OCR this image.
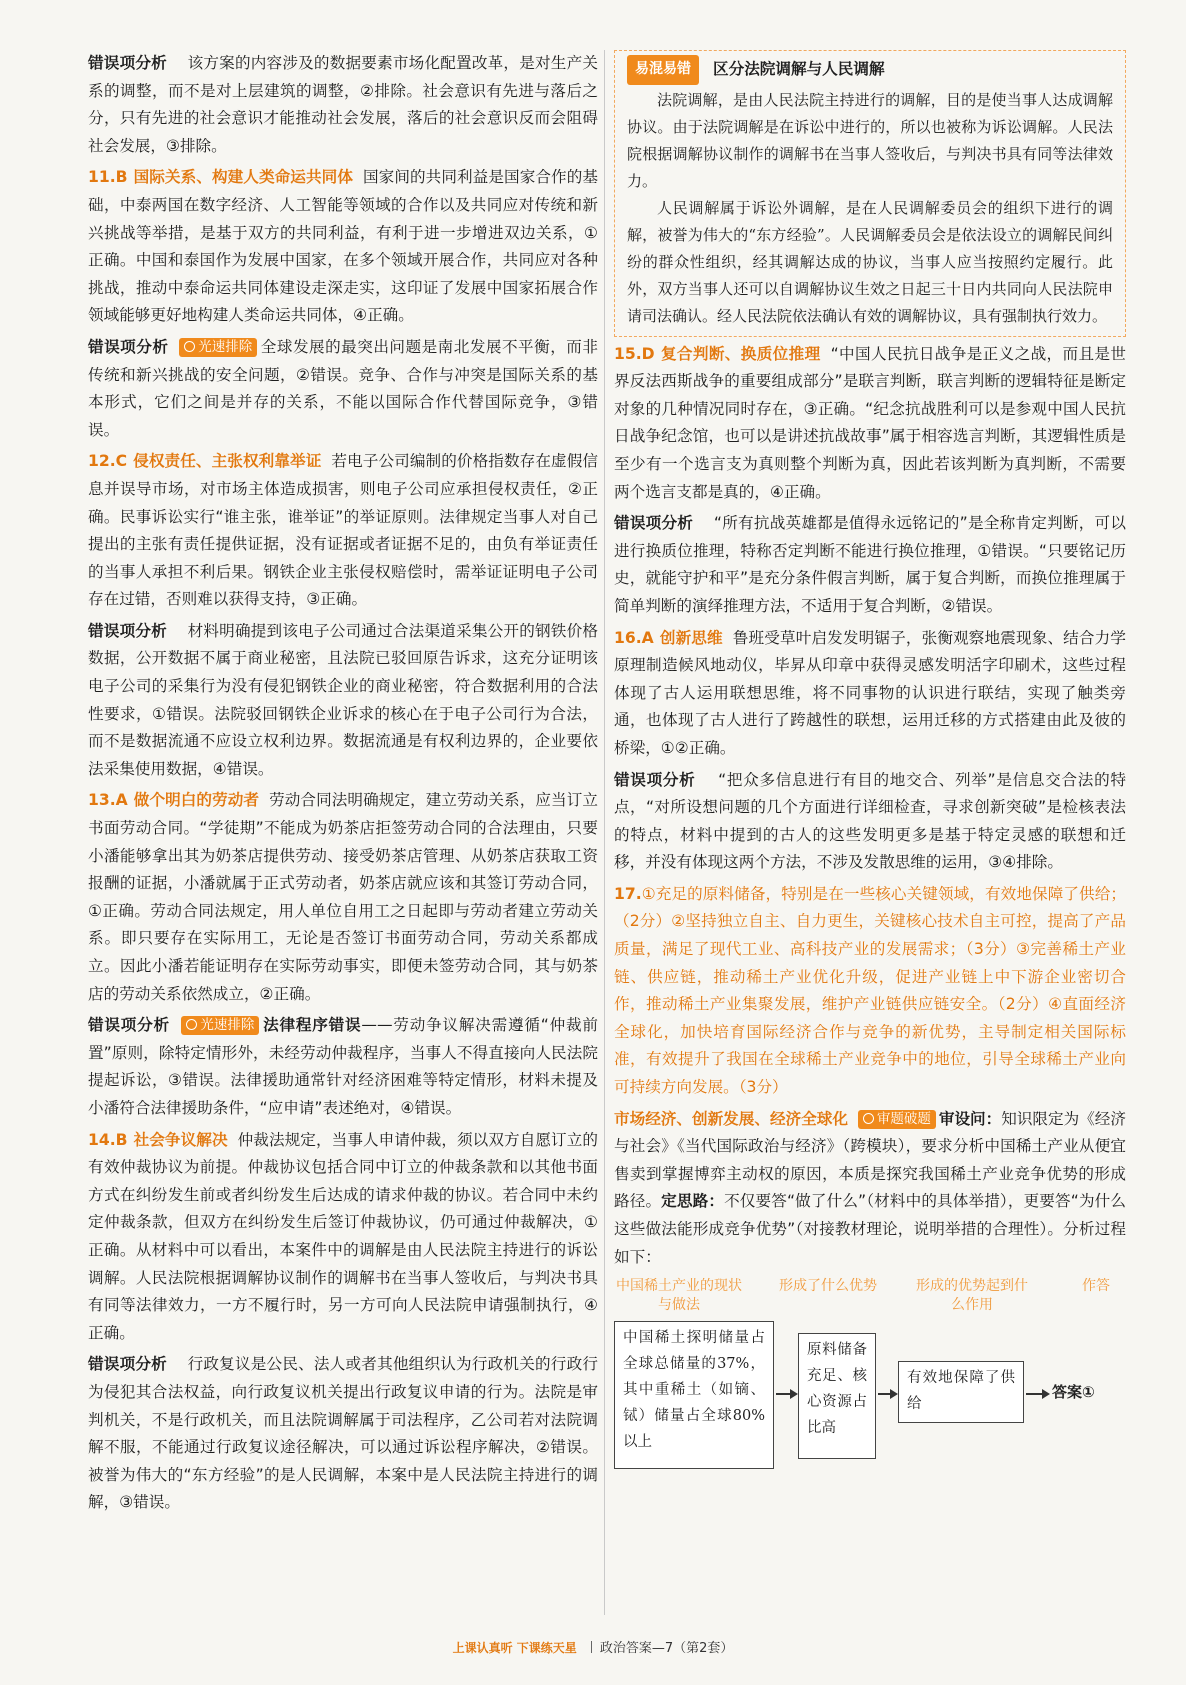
错误项分析 该方案的内容涉及的数据要素市场化配置改革，是对生产关系的调整，而不是对上层建筑的调整，②排除。社会意识有先进与落后之分，只有先进的社会意识才能推动社会发展，落后的社会意识反而会阻碍社会发展，③排除。

11.B 国际关系、构建人类命运共同体 国家间的共同利益是国家合作的基础，中泰两国在数字经济、人工智能等领域的合作以及共同应对传统和新兴挑战等举措，是基于双方的共同利益，有利于进一步增进双边关系，①正确。中国和泰国作为发展中国家，在多个领域开展合作，共同应对各种挑战，推动中泰命运共同体建设走深走实，这印证了发展中国家拓展合作领域能够更好地构建人类命运共同体，④正确。

错误项分析 光速排除 全球发展的最突出问题是南北发展不平衡，而非传统和新兴挑战的安全问题，②错误。竞争、合作与冲突是国际关系的基本形式，它们之间是并存的关系，不能以国际合作代替国际竞争，③错误。

12.C 侵权责任、主张权利靠举证 若电子公司编制的价格指数存在虚假信息并误导市场，对市场主体造成损害，则电子公司应承担侵权责任，②正确。民事诉讼实行“谁主张，谁举证”的举证原则。法律规定当事人对自己提出的主张有责任提供证据，没有证据或者证据不足的，由负有举证责任的当事人承担不利后果。钢铁企业主张侵权赔偿时，需举证证明电子公司存在过错，否则难以获得支持，③正确。

错误项分析 材料明确提到该电子公司通过合法渠道采集公开的钢铁价格数据，公开数据不属于商业秘密，且法院已驳回原告诉求，这充分证明该电子公司的采集行为没有侵犯钢铁企业的商业秘密，符合数据利用的合法性要求，①错误。法院驳回钢铁企业诉求的核心在于电子公司行为合法，而不是数据流通不应设立权利边界。数据流通是有权利边界的，企业要依法采集使用数据，④错误。

13.A 做个明白的劳动者 劳动合同法明确规定，建立劳动关系，应当订立书面劳动合同。“学徒期”不能成为奶茶店拒签劳动合同的合法理由，只要小潘能够拿出其为奶茶店提供劳动、接受奶茶店管理、从奶茶店获取工资报酬的证据，小潘就属于正式劳动者，奶茶店就应该和其签订劳动合同，①正确。劳动合同法规定，用人单位自用工之日起即与劳动者建立劳动关系。即只要存在实际用工，无论是否签订书面劳动合同，劳动关系都成立。因此小潘若能证明存在实际劳动事实，即便未签劳动合同，其与奶茶店的劳动关系依然成立，②正确。

错误项分析 光速排除 法律程序错误——劳动争议解决需遵循“仲裁前置”原则，除特定情形外，未经劳动仲裁程序，当事人不得直接向人民法院提起诉讼，③错误。法律援助通常针对经济困难等特定情形，材料未提及小潘符合法律援助条件，“应申请”表述绝对，④错误。

14.B 社会争议解决 仲裁法规定，当事人申请仲裁，须以双方自愿订立的有效仲裁协议为前提。仲裁协议包括合同中订立的仲裁条款和以其他书面方式在纠纷发生前或者纠纷发生后达成的请求仲裁的协议。若合同中未约定仲裁条款，但双方在纠纷发生后签订仲裁协议，仍可通过仲裁解决，①正确。从材料中可以看出，本案件中的调解是由人民法院主持进行的诉讼调解。人民法院根据调解协议制作的调解书在当事人签收后，与判决书具有同等法律效力，一方不履行时，另一方可向人民法院申请强制执行，④正确。

错误项分析 行政复议是公民、法人或者其他组织认为行政机关的行政行为侵犯其合法权益，向行政复议机关提出行政复议申请的行为。法院是审判机关，不是行政机关，而且法院调解属于司法程序，乙公司若对法院调解不服，不能通过行政复议途径解决，可以通过诉讼程序解决，②错误。被誉为伟大的“东方经验”的是人民调解，本案中是人民法院主持进行的调解，③错误。

易混易错	区分法院调解与人民调解

法院调解，是由人民法院主持进行的调解，目的是使当事人达成调解协议。由于法院调解是在诉讼中进行的，所以也被称为诉讼调解。人民法院根据调解协议制作的调解书在当事人签收后，与判决书具有同等法律效力。

人民调解属于诉讼外调解，是在人民调解委员会的组织下进行的调解，被誉为伟大的“东方经验”。人民调解委员会是依法设立的调解民间纠纷的群众性组织，经其调解达成的协议，当事人应当按照约定履行。此外，双方当事人还可以自调解协议生效之日起三十日内共同向人民法院申请司法确认。经人民法院依法确认有效的调解协议，具有强制执行效力。

15.D 复合判断、换质位推理 “中国人民抗日战争是正义之战，而且是世界反法西斯战争的重要组成部分”是联言判断，联言判断的逻辑特征是断定对象的几种情况同时存在，③正确。“纪念抗战胜利可以是参观中国人民抗日战争纪念馆，也可以是讲述抗战故事”属于相容选言判断，其逻辑性质是至少有一个选言支为真则整个判断为真，因此若该判断为真判断，不需要两个选言支都是真的，④正确。

错误项分析 “所有抗战英雄都是值得永远铭记的”是全称肯定判断，可以进行换质位推理，特称否定判断不能进行换位推理，①错误。“只要铭记历史，就能守护和平”是充分条件假言判断，属于复合判断，而换位推理属于简单判断的演绎推理方法，不适用于复合判断，②错误。

16.A 创新思维 鲁班受草叶启发发明锯子，张衡观察地震现象、结合力学原理制造候风地动仪，毕昇从印章中获得灵感发明活字印刷术，这些过程体现了古人运用联想思维，将不同事物的认识进行联结，实现了触类旁通，也体现了古人进行了跨越性的联想，运用迁移的方式搭建由此及彼的桥梁，①②正确。

错误项分析 “把众多信息进行有目的地交合、列举”是信息交合法的特点，“对所设想问题的几个方面进行详细检查，寻求创新突破”是检核表法的特点，材料中提到的古人的这些发明更多是基于特定灵感的联想和迁移，并没有体现这两个方法，不涉及发散思维的运用，③④排除。

17.①充足的原料储备，特别是在一些核心关键领域，有效地保障了供给；（2分）②坚持独立自主、自力更生，关键核心技术自主可控，提高了产品质量，满足了现代工业、高科技产业的发展需求；（3分）③完善稀土产业链、供应链，推动稀土产业优化升级，促进产业链上中下游企业密切合作，推动稀土产业集聚发展，维护产业链供应链安全。（2分）④直面经济全球化，加快培育国际经济合作与竞争的新优势，主导制定相关国际标准，有效提升了我国在全球稀土产业竞争中的地位，引导全球稀土产业向可持续方向发展。（3分）

市场经济、创新发展、经济全球化 审题破题 审设问：知识限定为《经济与社会》《当代国际政治与经济》（跨模块），要求分析中国稀土产业从便宜售卖到掌握博弈主动权的原因，本质是探究我国稀土产业竞争优势的形成路径。定思路：不仅要答“做了什么”（材料中的具体举措），更要答“为什么这些做法能形成竞争优势”（对接教材理论，说明举措的合理性）。分析过程如下：

中国稀土产业的现状与做法
形成了什么优势	形成的优势起到什么作用
作答
中国稀土探明储量占全球总储量的37%，其中重稀土（如镝、铽）储量占全球80%以上
原料储备充足、核心资源占比高
有效地保障了供给
答案①
上课认真听 下课练天星 政治答案—7（第2套）
